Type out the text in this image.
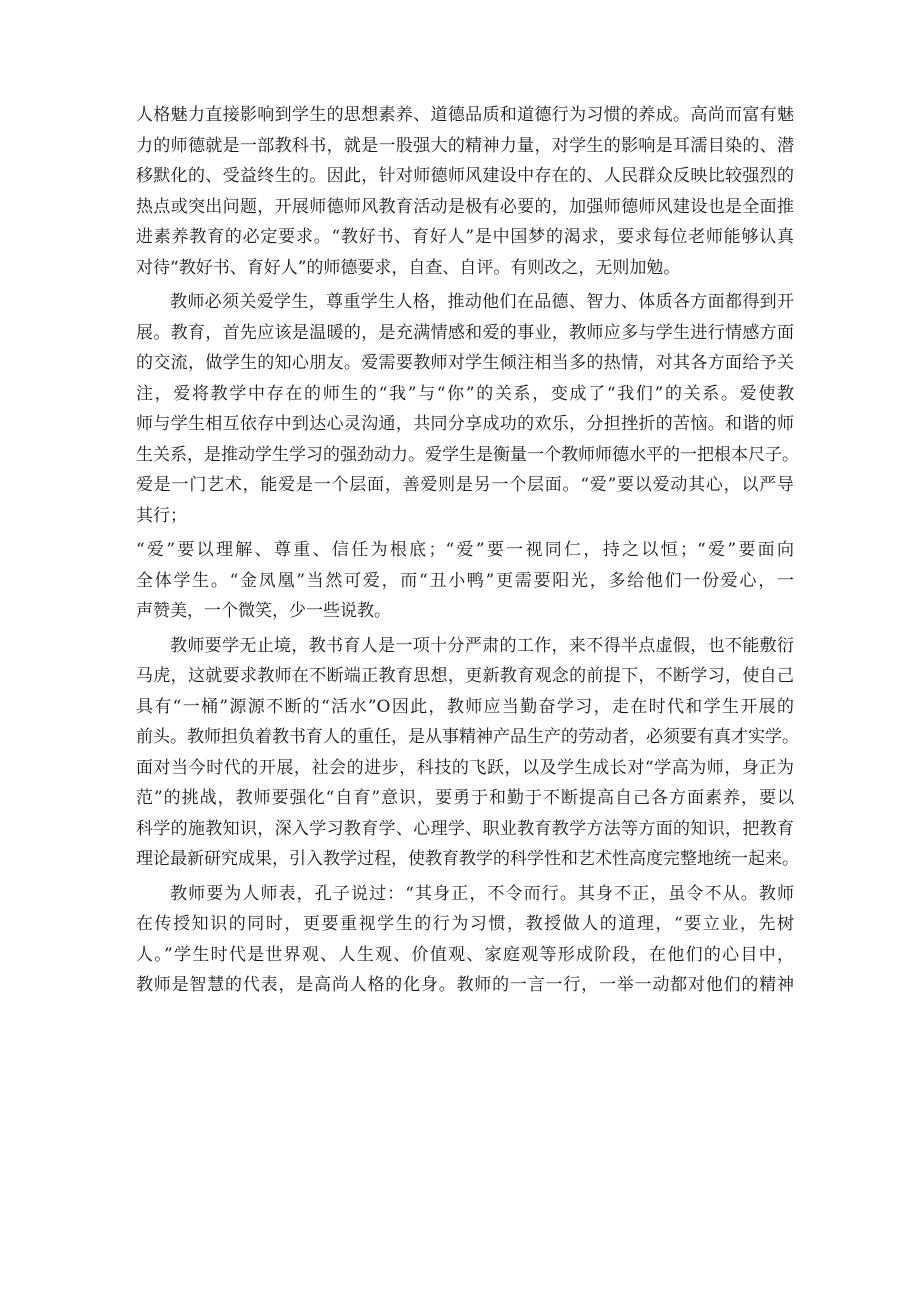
人格魅力直接影响到学生的思想素养、道德品质和道德行为习惯的养成。高尚而富有魅
力的师德就是一部教科书，就是一股强大的精神力量，对学生的影响是耳濡目染的、潜
移默化的、受益终生的。因此，针对师德师风建设中存在的、人民群众反映比较强烈的
热点或突出问题，开展师德师风教育活动是极有必要的，加强师德师风建设也是全面推
进素养教育的必定要求。“教好书、育好人”是中国梦的渴求，要求每位老师能够认真
对待“教好书、育好人”的师德要求，自查、自评。有则改之，无则加勉。
教师必须关爱学生，尊重学生人格，推动他们在品德、智力、体质各方面都得到开
展。教育，首先应该是温暖的，是充满情感和爱的事业，教师应多与学生进行情感方面
的交流，做学生的知心朋友。爱需要教师对学生倾注相当多的热情，对其各方面给予关
注，爱将教学中存在的师生的“我”与“你”的关系，变成了“我们”的关系。爱使教
师与学生相互依存中到达心灵沟通，共同分享成功的欢乐，分担挫折的苦恼。和谐的师
生关系，是推动学生学习的强劲动力。爱学生是衡量一个教师师德水平的一把根本尺子。
爱是一门艺术，能爱是一个层面，善爱则是另一个层面。“爱”要以爱动其心，以严导
其行；
“爱”要以理解、尊重、信任为根底；“爱”要一视同仁，持之以恒；“爱”要面向
全体学生。“金凤凰”当然可爱，而“丑小鸭”更需要阳光，多给他们一份爱心，一
声赞美，一个微笑，少一些说教。
教师要学无止境，教书育人是一项十分严肃的工作，来不得半点虚假，也不能敷衍
马虎，这就要求教师在不断端正教育思想，更新教育观念的前提下，不断学习，使自己
具有“一桶”源源不断的“活水”O因此，教师应当勤奋学习，走在时代和学生开展的
前头。教师担负着教书育人的重任，是从事精神产品生产的劳动者，必须要有真才实学。
面对当今时代的开展，社会的进步，科技的飞跃，以及学生成长对“学高为师，身正为
范”的挑战，教师要强化“自育”意识，要勇于和勤于不断提高自己各方面素养，要以
科学的施教知识，深入学习教育学、心理学、职业教育教学方法等方面的知识，把教育
理论最新研究成果，引入教学过程，使教育教学的科学性和艺术性高度完整地统一起来。
教师要为人师表，孔子说过：“其身正，不令而行。其身不正，虽令不从。教师
在传授知识的同时，更要重视学生的行为习惯，教授做人的道理，“要立业，先树
人。”学生时代是世界观、人生观、价值观、家庭观等形成阶段，在他们的心目中，
教师是智慧的代表，是高尚人格的化身。教师的一言一行，一举一动都对他们的精神
